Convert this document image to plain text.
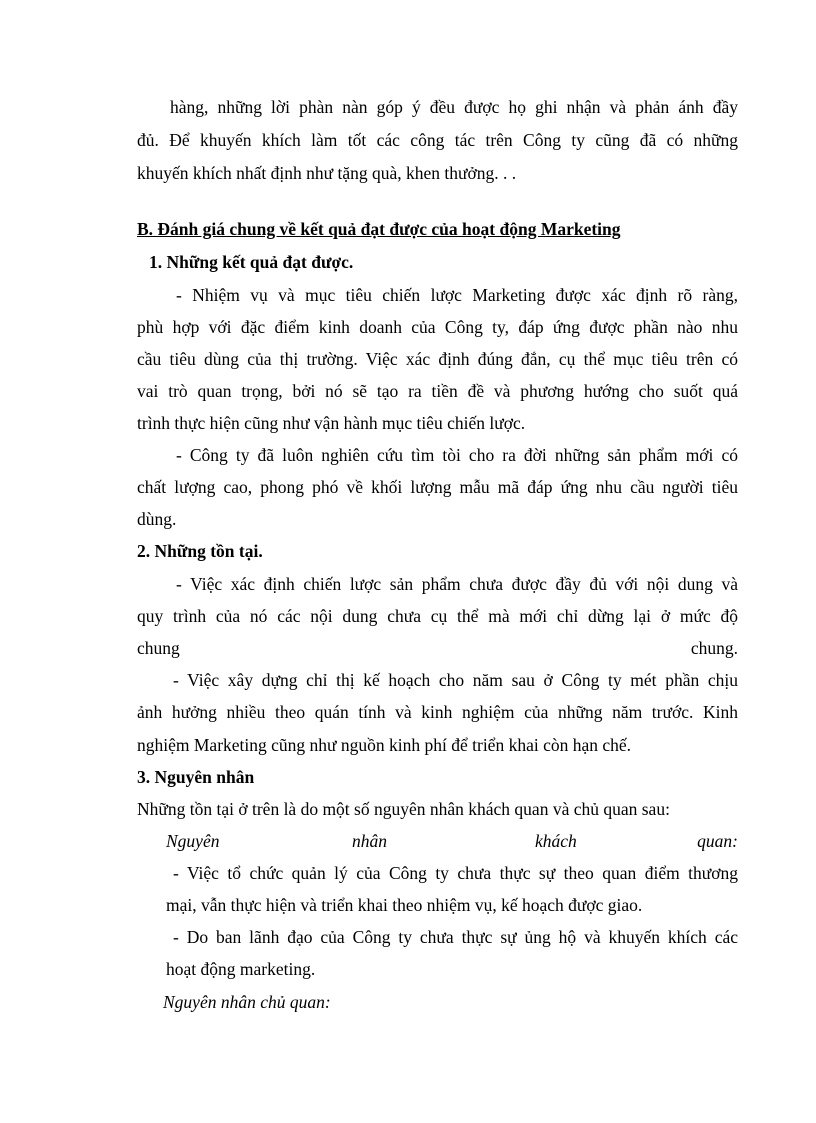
hàng, những lời phàn nàn góp ý đều được họ ghi nhận và phản ánh đầy
đủ. Để khuyến khích làm tốt các công tác trên Công ty cũng đã có những
khuyến khích nhất định như tặng quà, khen thưởng. . .
B. Đánh giá chung về kết quả đạt được của hoạt động Marketing
1. Những kết quả đạt được.
- Nhiệm vụ và mục tiêu chiến lược Marketing được xác định rõ ràng,
phù hợp với đặc điểm kinh doanh của Công ty, đáp ứng được phần nào nhu
cầu tiêu dùng của thị trường. Việc xác định đúng đắn, cụ thể mục tiêu trên có
vai trò quan trọng, bởi nó sẽ tạo ra tiền đề và phương hướng cho suốt quá
trình thực hiện cũng như vận hành mục tiêu chiến lược.
- Công ty đã luôn nghiên cứu tìm tòi cho ra đời những sản phẩm mới có
chất lượng cao, phong phó về khối lượng mẫu mã đáp ứng nhu cầu người tiêu
dùng.
2. Những tồn tại.
- Việc xác định chiến lược sản phẩm chưa được đầy đủ với nội dung và
quy trình của nó các nội dung chưa cụ thể mà mới chỉ dừng lại ở mức độ
chung	chung.
- Việc xây dựng chỉ thị kế hoạch cho năm sau ở Công ty mét phần chịu
ảnh hưởng nhiều theo quán tính và kinh nghiệm của những năm trước. Kinh
nghiệm Marketing cũng như nguồn kinh phí để triển khai còn hạn chế.
3. Nguyên nhân
Những tồn tại ở trên là do một số nguyên nhân khách quan và chủ quan sau:
Nguyên	nhân	khách	quan:
- Việc tổ chức quản lý của Công ty chưa thực sự theo quan điểm thương
mại, vẫn thực hiện và triển khai theo nhiệm vụ, kế hoạch được giao.
- Do ban lãnh đạo của Công ty chưa thực sự ủng hộ và khuyến khích các
hoạt động marketing.
Nguyên nhân chủ quan:
